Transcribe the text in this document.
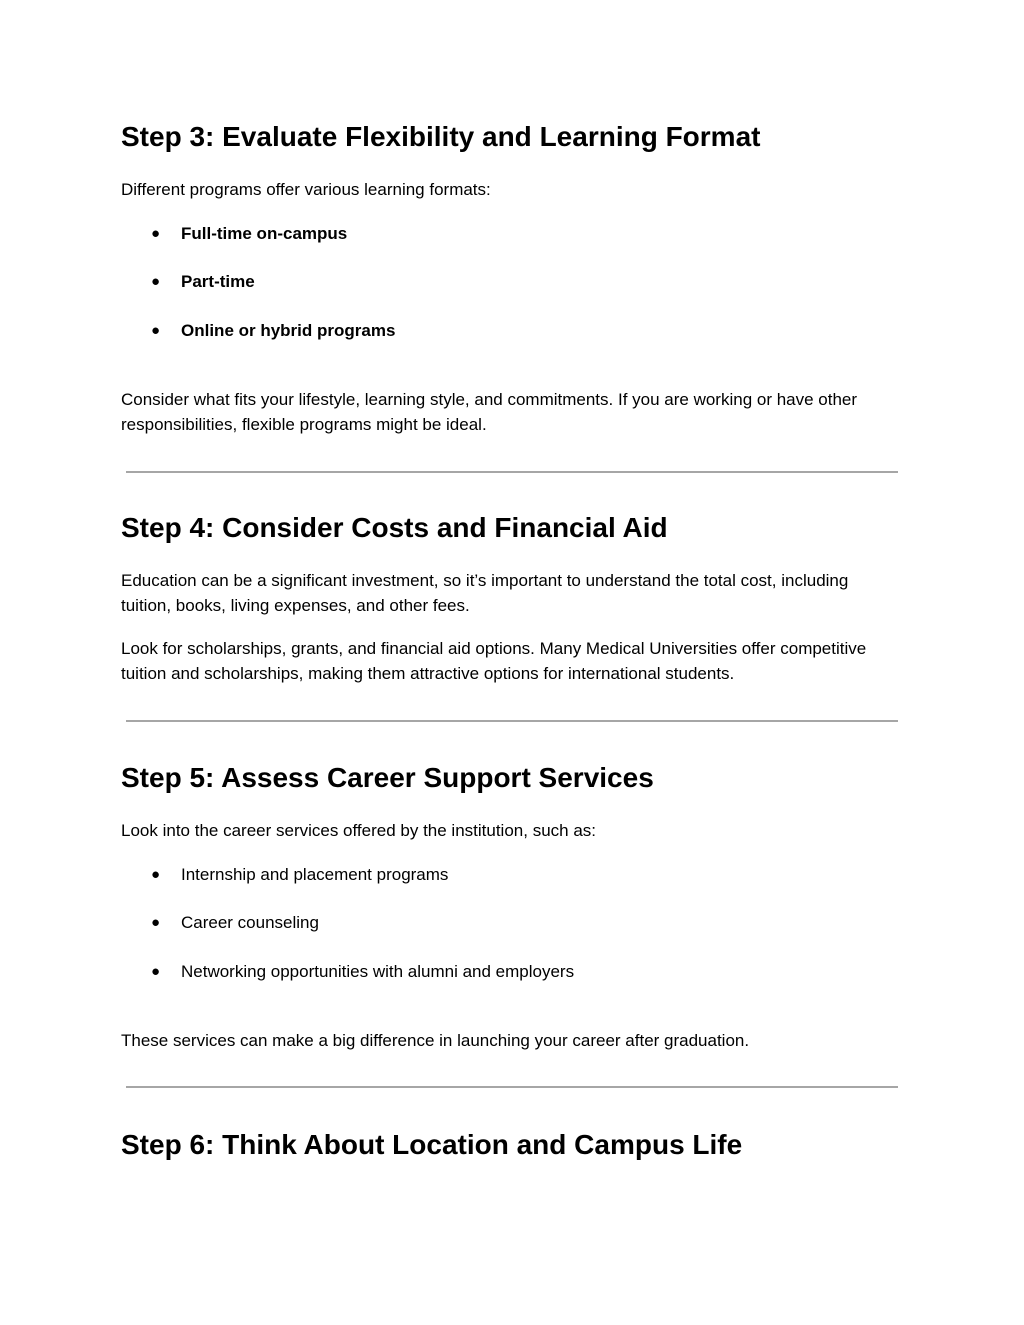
Step 3: Evaluate Flexibility and Learning Format

Different programs offer various learning formats:

● Full-time on-campus
● Part-time
● Online or hybrid programs

Consider what fits your lifestyle, learning style, and commitments. If you are working or have other responsibilities, flexible programs might be ideal.

Step 4: Consider Costs and Financial Aid

Education can be a significant investment, so it’s important to understand the total cost, including tuition, books, living expenses, and other fees.

Look for scholarships, grants, and financial aid options. Many Medical Universities offer competitive tuition and scholarships, making them attractive options for international students.

Step 5: Assess Career Support Services

Look into the career services offered by the institution, such as:

● Internship and placement programs
● Career counseling
● Networking opportunities with alumni and employers

These services can make a big difference in launching your career after graduation.

Step 6: Think About Location and Campus Life
